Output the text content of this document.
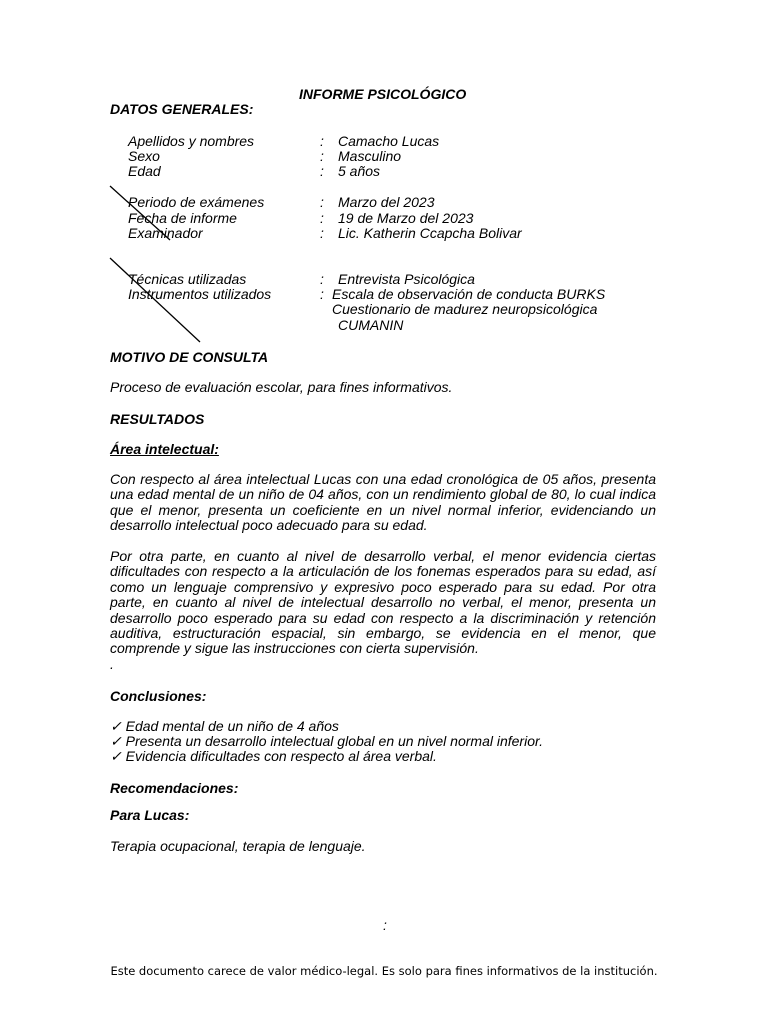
INFORME PSICOLÓGICO
DATOS GENERALES:
Apellidos y nombres	: Camacho Lucas
Sexo	: Masculino
Edad	: 5 años
Periodo de exámenes	: Marzo del 2023
Fecha de informe	: 19 de Marzo del 2023
Examinador	: Lic. Katherin Ccapcha Bolivar
Técnicas utilizadas	: Entrevista Psicológica
Instrumentos utilizados	: Escala de observación de conducta BURKS
Cuestionario de madurez neuropsicológica
CUMANIN
MOTIVO DE CONSULTA
Proceso de evaluación escolar, para fines informativos.
RESULTADOS
Área intelectual:
Con respecto al área intelectual Lucas con una edad cronológica de 05 años, presenta una edad mental de un niño de 04 años, con un rendimiento global de 80, lo cual indica que el menor, presenta un coeficiente en un nivel normal inferior, evidenciando un desarrollo intelectual poco adecuado para su edad.
Por otra parte, en cuanto al nivel de desarrollo verbal, el menor evidencia ciertas dificultades con respecto a la articulación de los fonemas esperados para su edad, así como un lenguaje comprensivo y expresivo poco esperado para su edad. Por otra parte, en cuanto al nivel de intelectual desarrollo no verbal, el menor, presenta un desarrollo poco esperado para su edad con respecto a la discriminación y retención auditiva, estructuración espacial, sin embargo, se evidencia en el menor, que comprende y sigue las instrucciones con cierta supervisión.
.
Conclusiones:
✓ Edad mental de un niño de 4 años
✓ Presenta un desarrollo intelectual global en un nivel normal inferior.
✓ Evidencia dificultades con respecto al área verbal.
Recomendaciones:
Para Lucas:
Terapia ocupacional, terapia de lenguaje.
:
Este documento carece de valor médico-legal. Es solo para fines informativos de la institución.
